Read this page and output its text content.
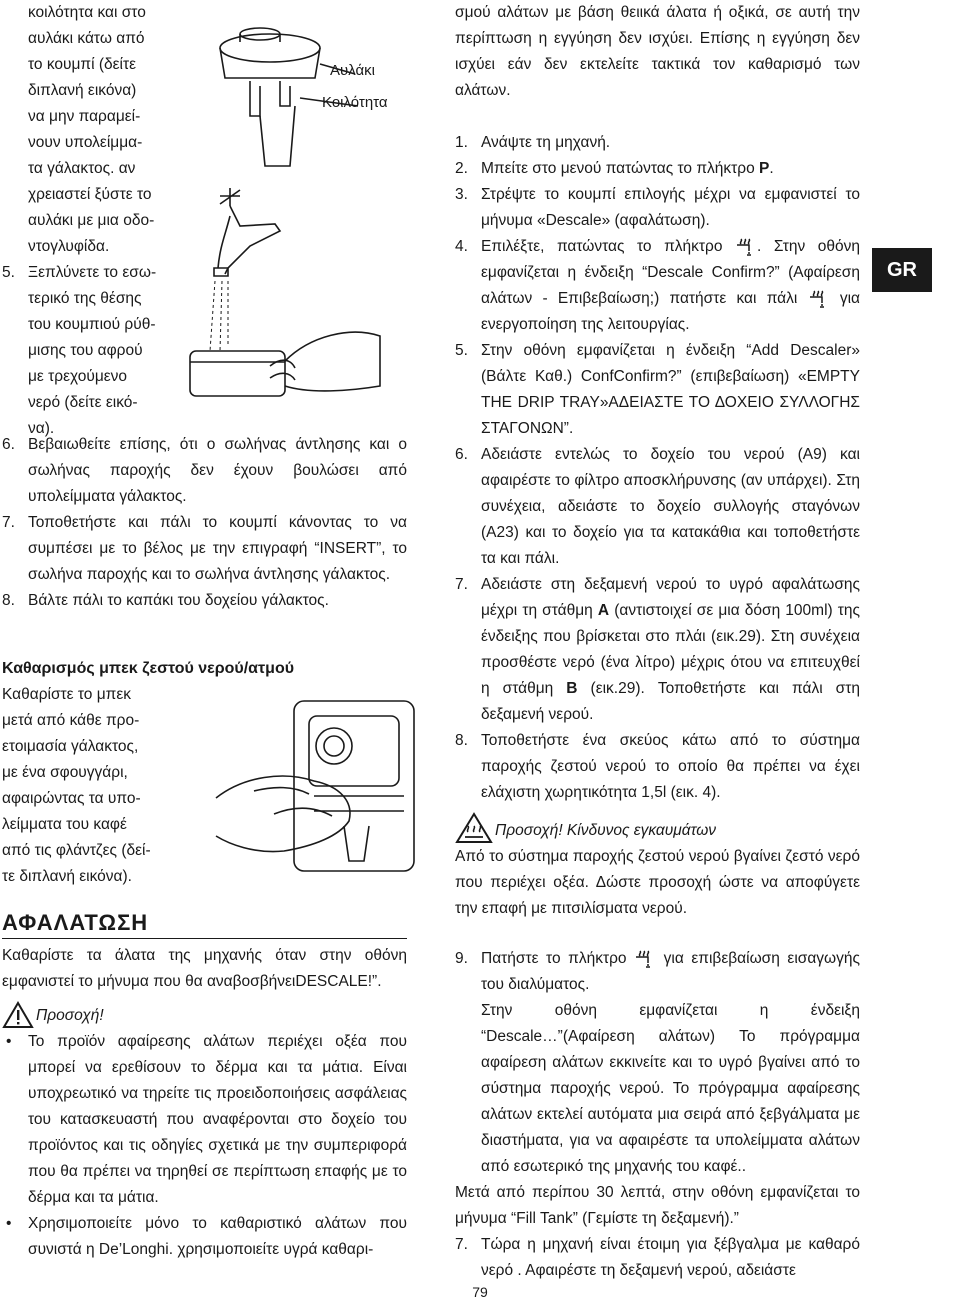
κοιλότητα και στο

αυλάκι κάτω από

το κουμπί (δείτε

διπλανή εικόνα)

να μην παραμεί-

νουν υπολείμμα-

τα γάλακτος. αν

χρειαστεί ξύστε το

αυλάκι με μια οδο-

ντογλυφίδα.

5. Ξεπλύνετε το εσω-

τερικό της θέσης

του κουμπιού ρύθ-

μισης του αφρού

με τρεχούμενο

νερό (δείτε εικό-

να).

6. Βεβαιωθείτε επίσης, ότι ο σωλήνας άντλησης και ο σωλήνας παροχής δεν έχουν βουλώσει από υπολείμματα γάλακτος.
7. Τοποθετήστε και πάλι το κουμπί κάνοντας το να συμπέσει με το βέλος με την επιγραφή “INSERT”, το σωλήνα παροχής και το σωλήνα άντλησης γάλακτος.
8. Βάλτε πάλι το καπάκι του δοχείου γάλακτος.

Καθαρισμός μπεκ ζεστού νερού/ατμού

Καθαρίστε το μπεκ

μετά από κάθε προ-

ετοιμασία γάλακτος,

με ένα σφουγγάρι,

αφαιρώντας τα υπο-

λείμματα του καφέ

από τις φλάντζες (δεί-

τε διπλανή εικόνα).

ΑΦΑΛΑΤΩΣΗ

Καθαρίστε τα άλατα της μηχανής όταν στην οθόνη εμφανιστεί το μήνυμα που θα αναβοσβήνειDESCALE!”.

Προσοχή!
• Το προϊόν αφαίρεσης αλάτων περιέχει οξέα που μπορεί να ερεθίσουν το δέρμα και τα μάτια. Είναι υποχρεωτικό να τηρείτε τις προειδοποιήσεις ασφάλειας του κατασκευαστή που αναφέρονται στο δοχείο του προϊόντος και τις οδηγίες σχετικά με την συμπεριφορά που θα πρέπει να τηρηθεί σε περίπτωση επαφής με το δέρμα και τα μάτια.
• Χρησιμοποιείτε μόνο το καθαριστικό αλάτων που συνιστά η De’Longhi. χρησιμοποιείτε υγρά καθαρι-
Αυλάκι
Κοιλότητα

σμού αλάτων με βάση θειικά άλατα ή οξικά, σε αυτή την περίπτωση η εγγύηση δεν ισχύει. Επίσης η εγγύηση δεν ισχύει εάν δεν εκτελείτε τακτικά τον καθαρισμό των αλάτων.

1. Ανάψτε τη μηχανή.
2. Μπείτε στο μενού πατώντας το πλήκτρο P.
3. Στρέψτε το κουμπί επιλογής μέχρι να εμφανιστεί το μήνυμα «Descale» (αφαλάτωση).
4. Επιλέξτε, πατώντας το πλήκτρο . Στην οθόνη εμφανίζεται η ένδειξη “Descale Confirm?” (Αφαίρεση αλάτων - Επιβεβαίωση;) πατήστε και πάλι  για ενεργοποίηση της λειτουργίας.
5. Στην οθόνη εμφανίζεται η ένδειξη “Add Descaler» (Βάλτε Καθ.) ConfConfirm?” (επιβεβαίωση) «EMPTY THE DRIP TRAY»ΑΔΕΙΑΣΤΕ ΤΟ ΔΟΧΕΙΟ ΣΥΛΛΟΓΗΣ ΣΤΑΓΟΝΩΝ”.
6. Αδειάστε εντελώς το δοχείο του νερού (A9) και αφαιρέστε το φίλτρο αποσκλήρυνσης (αν υπάρχει). Στη συνέχεια, αδειάστε το δοχείο συλλογής σταγόνων (A23) και το δοχείο για τα κατακάθια και τοποθετήστε τα και πάλι.
7. Αδειάστε στη δεξαμενή νερού το υγρό αφαλάτωσης μέχρι τη στάθμη A (αντιστοιχεί σε μια δόση 100ml) της ένδειξης που βρίσκεται στο πλάι (εικ.29). Στη συνέχεια προσθέστε νερό (ένα λίτρο) μέχρις ότου να επιτευχθεί η στάθμη B (εικ.29). Τοποθετήστε και πάλι στη δεξαμενή νερού.
8. Τοποθετήστε ένα σκεύος κάτω από το σύστημα παροχής ζεστού νερού το οποίο θα πρέπει να έχει ελάχιστη χωρητικότητα 1,5l (εικ. 4).
Προσοχή! Κίνδυνος εγκαυμάτων

Από το σύστημα παροχής ζεστού νερού βγαίνει ζεστό νερό που περιέχει οξέα. Δώστε προσοχή ώστε να αποφύγετε την επαφή με πιτσιλίσματα νερού.

9. Πατήστε το πλήκτρο  για επιβεβαίωση εισαγωγής του διαλύματος.

Στην οθόνη εμφανίζεται η ένδειξη “Descale…”(Αφαίρεση αλάτων) Το πρόγραμμα αφαίρεση αλάτων εκκινείτε και το υγρό βγαίνει από το σύστημα παροχής νερού. Το πρόγραμμα αφαίρεσης αλάτων εκτελεί αυτόματα μια σειρά από ξεβγάλματα με διαστήματα, για να αφαιρέστε τα υπολείμματα αλάτων από εσωτερικό της μηχανής του καφέ..

Μετά από περίπου 30 λεπτά, στην οθόνη εμφανίζεται το μήνυμα “Fill Tank” (Γεμίστε τη δεξαμενή).”

7. Τώρα η μηχανή είναι έτοιμη για ξέβγαλμα με καθαρό νερό . Αφαιρέστε τη δεξαμενή νερού, αδειάστε
GR
79
